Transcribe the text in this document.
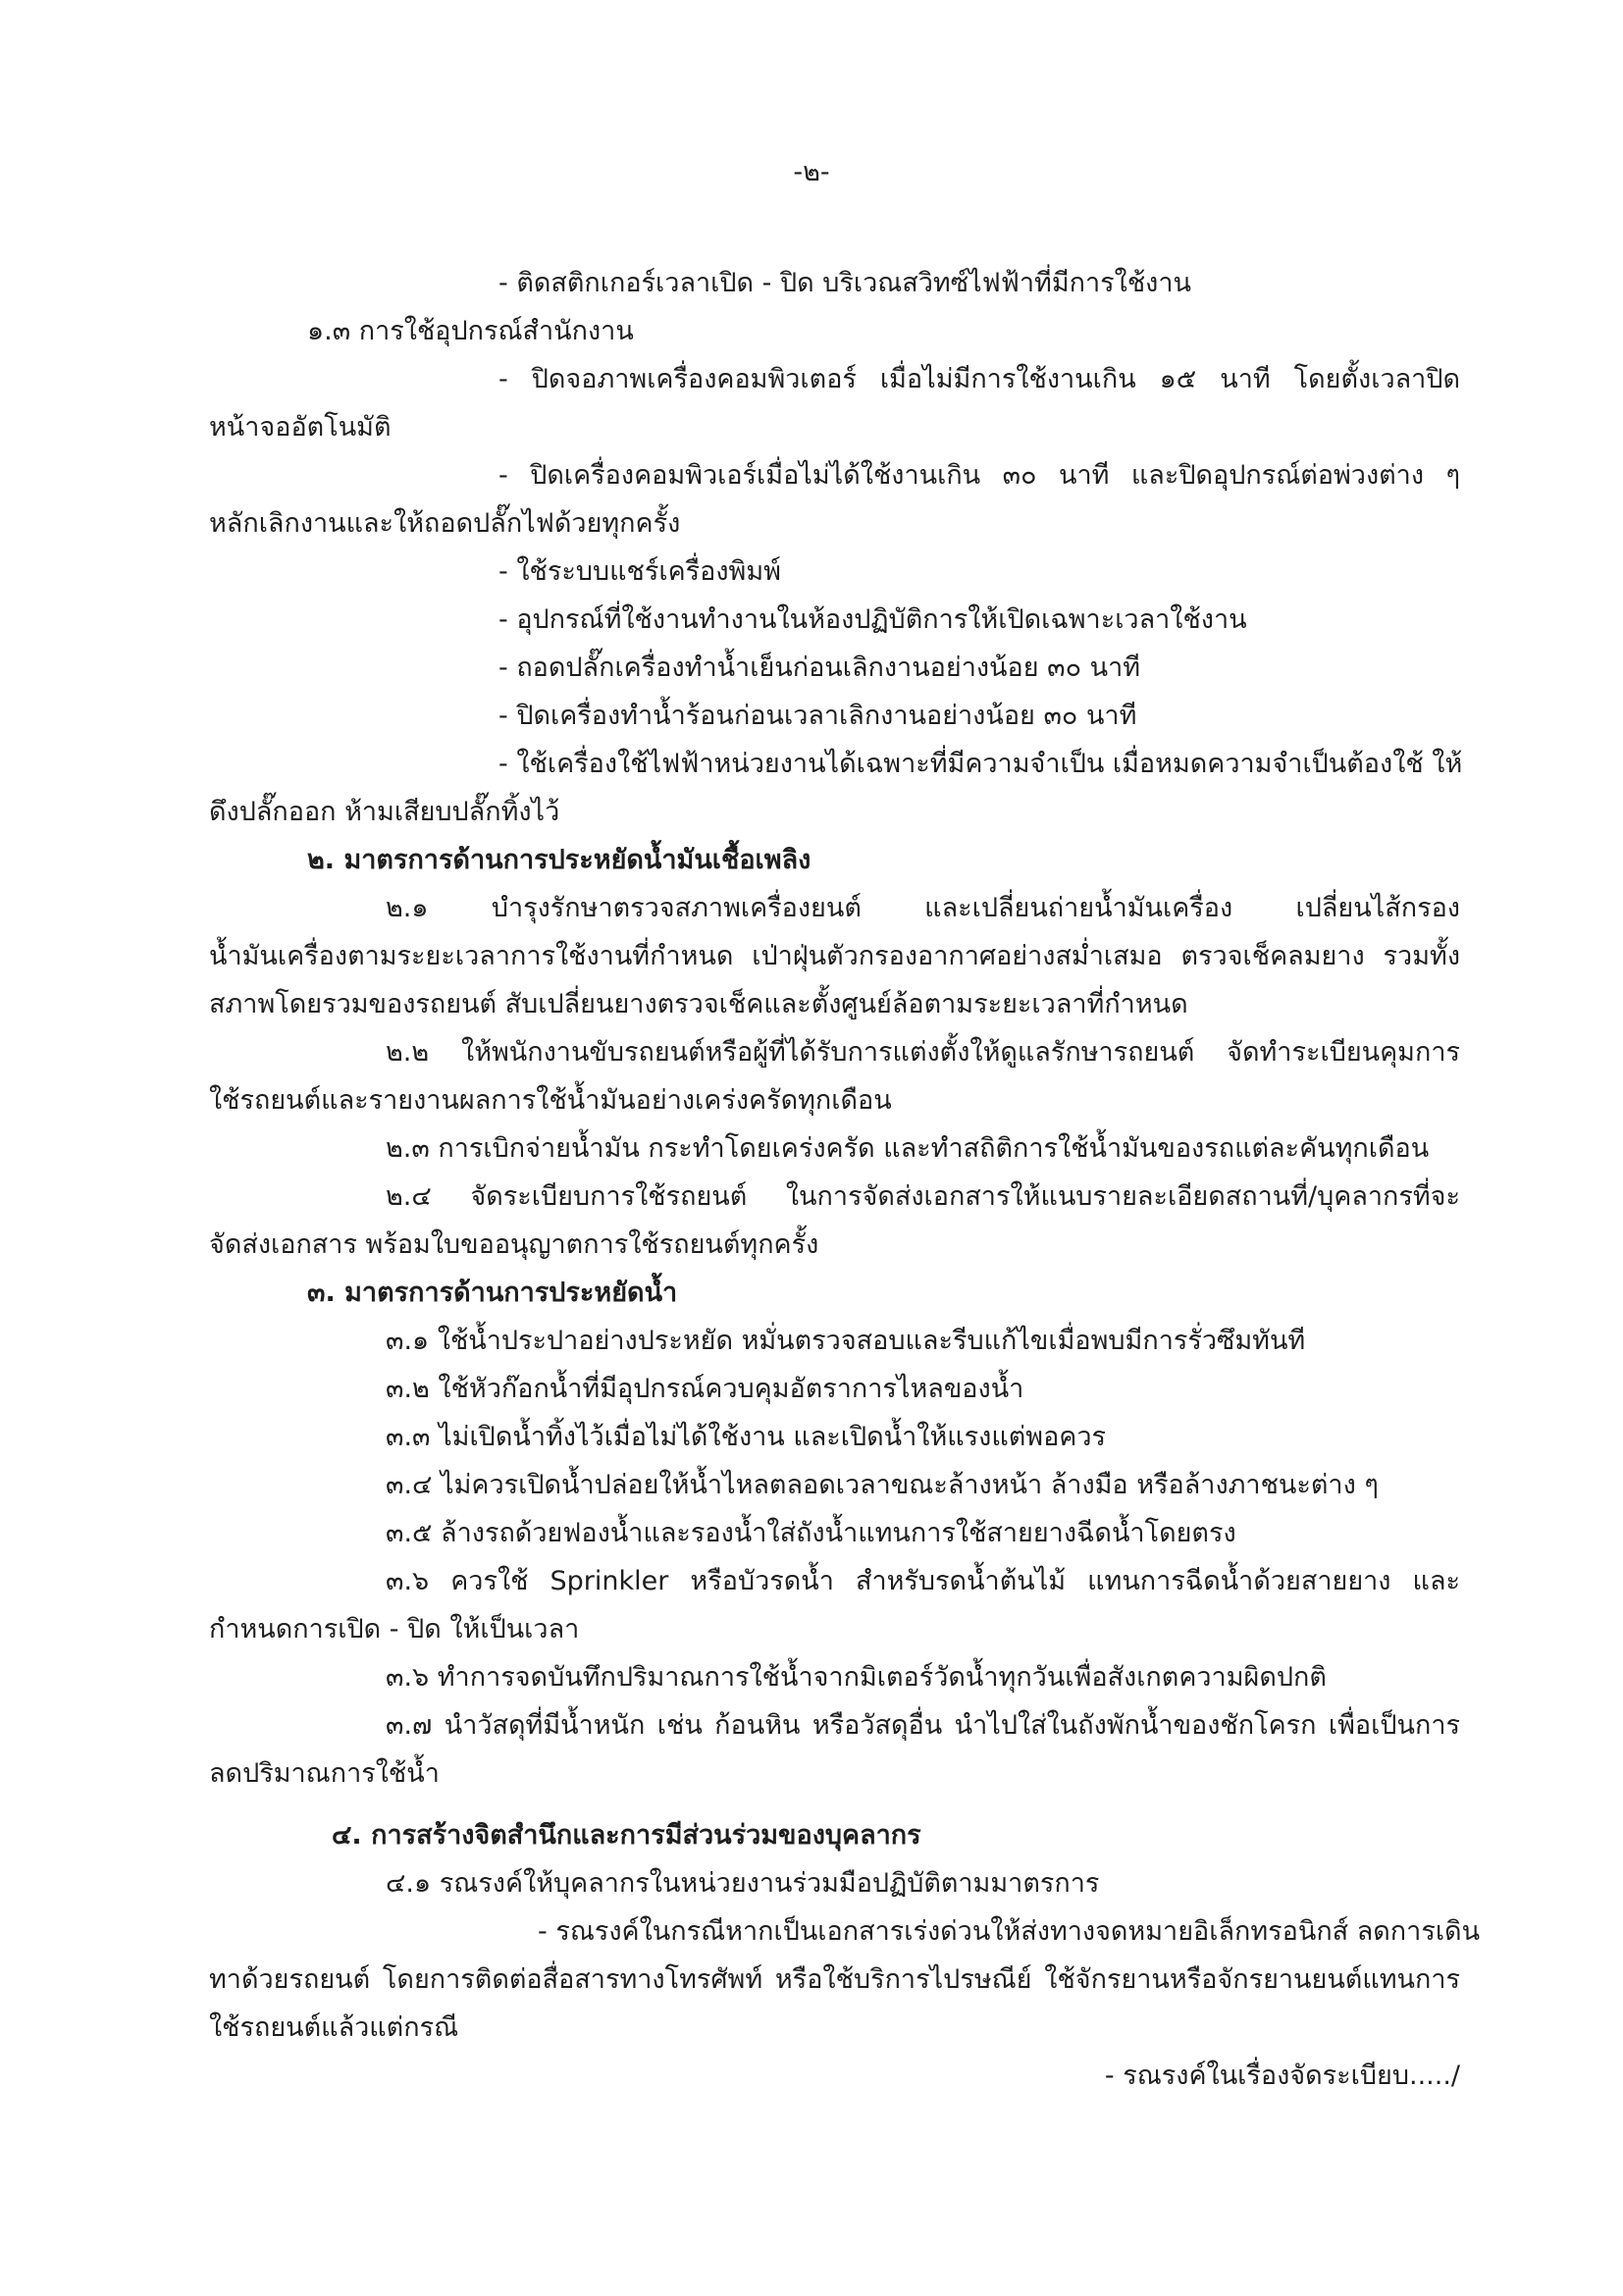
-๒-
- ติดสติกเกอร์เวลาเปิด - ปิด บริเวณสวิทซ์ไฟฟ้าที่มีการใช้งาน
๑.๓ การใช้อุปกรณ์สำนักงาน
- ปิดจอภาพเครื่องคอมพิวเตอร์ เมื่อไม่มีการใช้งานเกิน ๑๕ นาที โดยตั้งเวลาปิด
หน้าจออัตโนมัติ
- ปิดเครื่องคอมพิวเอร์เมื่อไม่ได้ใช้งานเกิน ๓๐ นาที และปิดอุปกรณ์ต่อพ่วงต่าง ๆ
หลักเลิกงานและให้ถอดปลั๊กไฟด้วยทุกครั้ง
- ใช้ระบบแชร์เครื่องพิมพ์
- อุปกรณ์ที่ใช้งานทำงานในห้องปฏิบัติการให้เปิดเฉพาะเวลาใช้งาน
- ถอดปลั๊กเครื่องทำน้ำเย็นก่อนเลิกงานอย่างน้อย ๓๐ นาที
- ปิดเครื่องทำน้ำร้อนก่อนเวลาเลิกงานอย่างน้อย ๓๐ นาที
- ใช้เครื่องใช้ไฟฟ้าหน่วยงานได้เฉพาะที่มีความจำเป็น เมื่อหมดความจำเป็นต้องใช้ ให้
ดึงปลั๊กออก ห้ามเสียบปลั๊กทิ้งไว้
๒. มาตรการด้านการประหยัดน้ำมันเชื้อเพลิง
๒.๑ บำรุงรักษาตรวจสภาพเครื่องยนต์ และเปลี่ยนถ่ายน้ำมันเครื่อง เปลี่ยนไส้กรอง
น้ำมันเครื่องตามระยะเวลาการใช้งานที่กำหนด เป่าฝุ่นตัวกรองอากาศอย่างสม่ำเสมอ ตรวจเช็คลมยาง รวมทั้ง
สภาพโดยรวมของรถยนต์ สับเปลี่ยนยางตรวจเช็คและตั้งศูนย์ล้อตามระยะเวลาที่กำหนด
๒.๒ ให้พนักงานขับรถยนต์หรือผู้ที่ได้รับการแต่งตั้งให้ดูแลรักษารถยนต์ จัดทำระเบียนคุมการ
ใช้รถยนต์และรายงานผลการใช้น้ำมันอย่างเคร่งครัดทุกเดือน
๒.๓ การเบิกจ่ายน้ำมัน กระทำโดยเคร่งครัด และทำสถิติการใช้น้ำมันของรถแต่ละคันทุกเดือน
๒.๔ จัดระเบียบการใช้รถยนต์ ในการจัดส่งเอกสารให้แนบรายละเอียดสถานที่/บุคลากรที่จะ
จัดส่งเอกสาร พร้อมใบขออนุญาตการใช้รถยนต์ทุกครั้ง
๓. มาตรการด้านการประหยัดน้ำ
๓.๑ ใช้น้ำประปาอย่างประหยัด หมั่นตรวจสอบและรีบแก้ไขเมื่อพบมีการรั่วซึมทันที
๓.๒ ใช้หัวก๊อกน้ำที่มีอุปกรณ์ควบคุมอัตราการไหลของน้ำ
๓.๓ ไม่เปิดน้ำทิ้งไว้เมื่อไม่ได้ใช้งาน และเปิดน้ำให้แรงแต่พอควร
๓.๔ ไม่ควรเปิดน้ำปล่อยให้น้ำไหลตลอดเวลาขณะล้างหน้า ล้างมือ หรือล้างภาชนะต่าง ๆ
๓.๕ ล้างรถด้วยฟองน้ำและรองน้ำใส่ถังน้ำแทนการใช้สายยางฉีดน้ำโดยตรง
๓.๖ ควรใช้ Sprinkler หรือบัวรดน้ำ สำหรับรดน้ำต้นไม้ แทนการฉีดน้ำด้วยสายยาง และ
กำหนดการเปิด - ปิด ให้เป็นเวลา
๓.๖ ทำการจดบันทึกปริมาณการใช้น้ำจากมิเตอร์วัดน้ำทุกวันเพื่อสังเกตความผิดปกติ
๓.๗ นำวัสดุที่มีน้ำหนัก เช่น ก้อนหิน หรือวัสดุอื่น นำไปใส่ในถังพักน้ำของชักโครก เพื่อเป็นการ
ลดปริมาณการใช้น้ำ
๔. การสร้างจิตสำนึกและการมีส่วนร่วมของบุคลากร
๔.๑ รณรงค์ให้บุคลากรในหน่วยงานร่วมมือปฏิบัติตามมาตรการ
- รณรงค์ในกรณีหากเป็นเอกสารเร่งด่วนให้ส่งทางจดหมายอิเล็กทรอนิกส์ ลดการเดิน
ทาด้วยรถยนต์ โดยการติดต่อสื่อสารทางโทรศัพท์ หรือใช้บริการไปรษณีย์ ใช้จักรยานหรือจักรยานยนต์แทนการ
ใช้รถยนต์แล้วแต่กรณี
- รณรงค์ในเรื่องจัดระเบียบ...../
